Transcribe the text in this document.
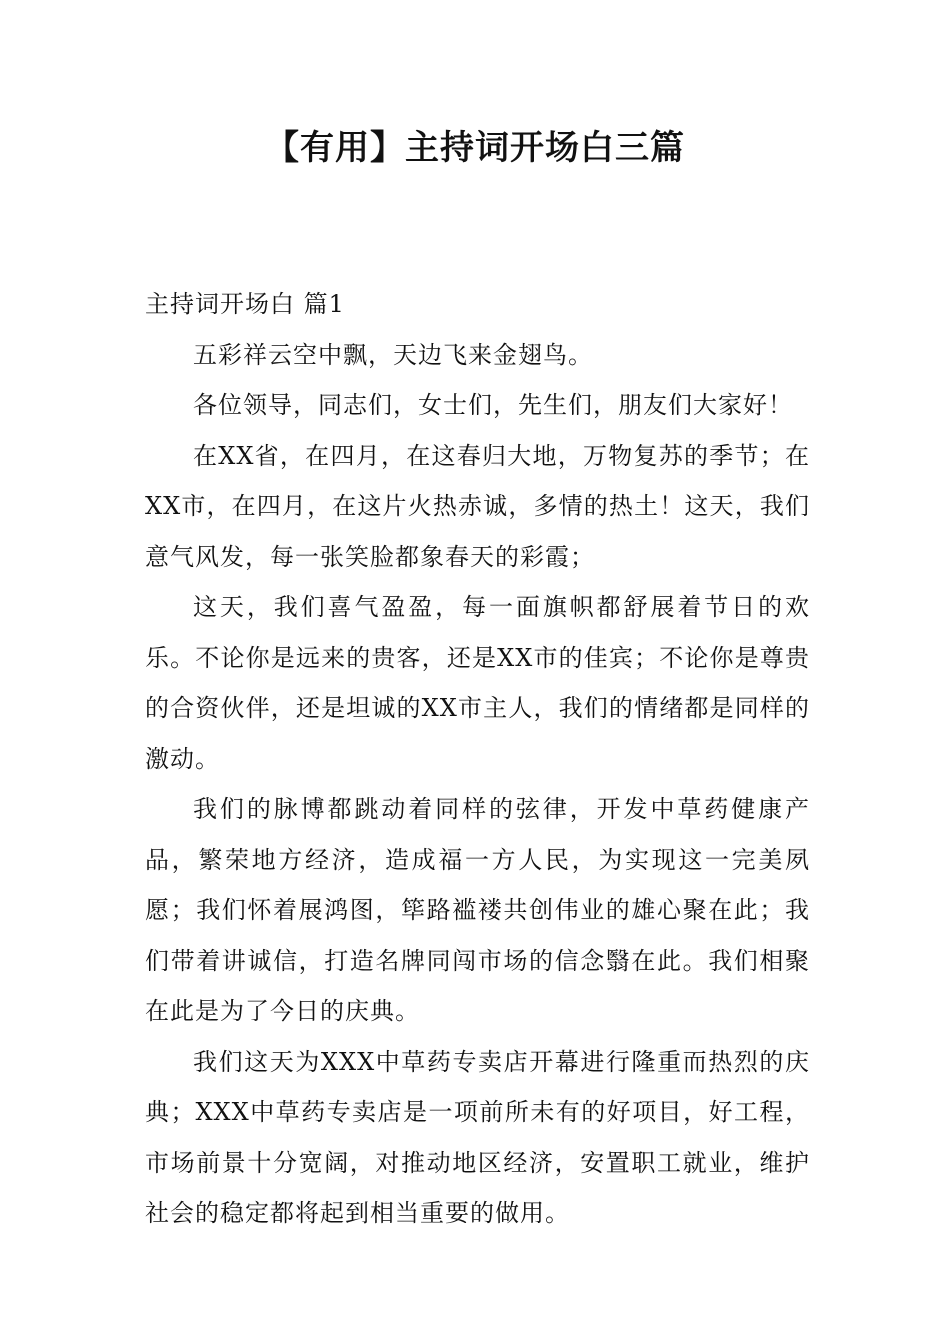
【有用】主持词开场白三篇

主持词开场白 篇1

五彩祥云空中飘，天边飞来金翅鸟。

各位领导，同志们，女士们，先生们，朋友们大家好！

在XX省，在四月，在这春归大地，万物复苏的季节；在XX市，在四月，在这片火热赤诚，多情的热土！这天，我们意气风发，每一张笑脸都象春天的彩霞；

这天，我们喜气盈盈，每一面旗帜都舒展着节日的欢乐。不论你是远来的贵客，还是XX市的佳宾；不论你是尊贵的合资伙伴，还是坦诚的XX市主人，我们的情绪都是同样的激动。

我们的脉博都跳动着同样的弦律，开发中草药健康产品，繁荣地方经济，造成福一方人民，为实现这一完美夙愿；我们怀着展鸿图，筚路褴褛共创伟业的雄心聚在此；我们带着讲诚信，打造名牌同闯市场的信念翳在此。我们相聚在此是为了今日的庆典。

我们这天为XXX中草药专卖店开幕进行隆重而热烈的庆典；XXX中草药专卖店是一项前所未有的好项目，好工程，市场前景十分宽阔，对推动地区经济，安置职工就业，维护社会的稳定都将起到相当重要的做用。
